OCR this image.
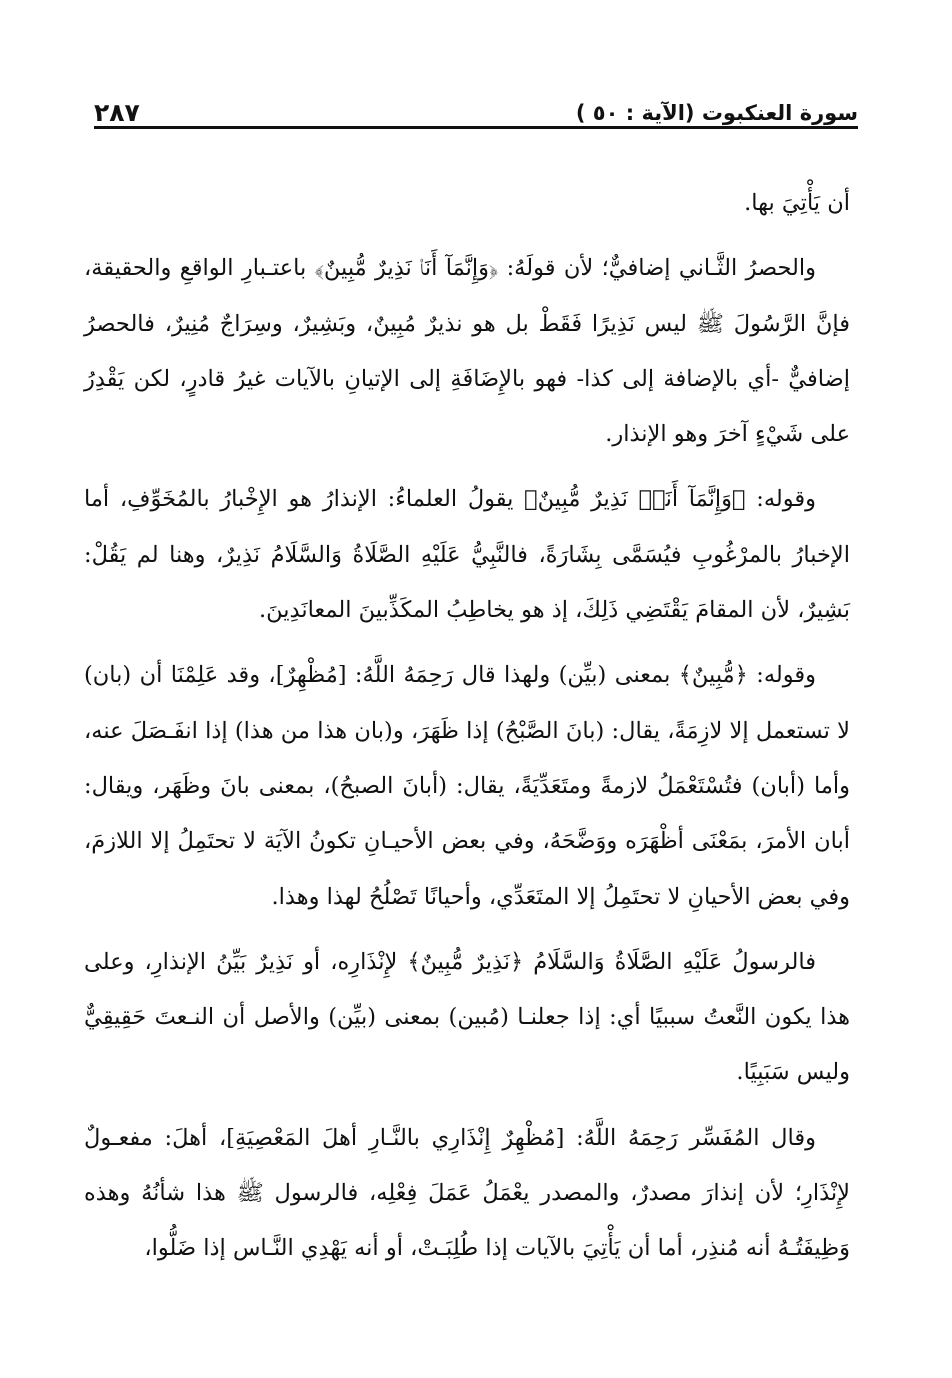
٢٨٧	سورة العنكبوت (الآية : ٥٠ )

أن يَأْتِيَ بها.

والحصرُ الثَّـاني إضافيٌّ؛ لأن قولَهُ: ﴿وَإِنَّمَآ أَنَا۠ نَذِيرٌ مُّبِينٌ﴾ باعتـبارِ الواقعِ والحقيقة، فإنَّ الرَّسُولَ ﷺ ليس نَذِيرًا فَقَطْ بل هو نذيرٌ مُبِينٌ، وبَشِيرٌ، وسِرَاجٌ مُنِيرٌ، فالحصرُ إضافيٌّ -أي بالإضافة إلى كذا- فهو بالإِضَافَةِ إلى الإتيانِ بالآيات غيرُ قادرٍ، لكن يَقْدِرُ على شَيْءٍ آخرَ وهو الإنذار.

وقوله: ﴿وَإِنَّمَآ أَنَا۠ نَذِيرٌ مُّبِينٌ﴾ يقولُ العلماءُ: الإنذارُ هو الإِخْبارُ بالمُخَوِّفِ، أما الإخبارُ بالمرْغُوبِ فيُسَمَّى بِشَارَةً، فالنَّبِيُّ عَلَيْهِ الصَّلَاةُ وَالسَّلَامُ نَذِيرٌ، وهنا لم يَقُلْ: بَشِيرٌ، لأن المقامَ يَقْتَضِي ذَلِكَ، إذ هو يخاطِبُ المكَذِّبينَ المعانَدِينَ.

وقوله: ﴿مُّبِينٌ﴾ بمعنى (بيِّن) ولهذا قال رَحِمَهُ اللَّهُ: [مُظْهِرٌ]، وقد عَلِمْنَا أن (بان) لا تستعمل إلا لازِمَةً، يقال: (بانَ الصَّبْحُ) إذا ظَهَرَ، و(بان هذا من هذا) إذا انفَـصَلَ عنه، وأما (أبان) فتُسْتَعْمَلُ لازمةً ومتَعَدِّيَةً، يقال: (أبانَ الصبحُ)، بمعنى بانَ وظَهَر، ويقال: أبان الأمرَ، بمَعْنَى أظْهَرَه ووَضَّحَهُ، وفي بعض الأحيـانِ تكونُ الآيَة لا تحتَمِلُ إلا اللازمَ، وفي بعض الأحيانِ لا تحتَمِلُ إلا المتَعَدِّي، وأحيانًا تَصْلُحُ لهذا وهذا.

فالرسولُ عَلَيْهِ الصَّلَاةُ وَالسَّلَامُ ﴿نَذِيرٌ مُّبِينٌ﴾ لإِنْذَارِه، أو نَذِيرٌ بَيِّنُ الإنذارِ، وعلى هذا يكون النَّعتُ سببيًا أي: إذا جعلنـا (مُبين) بمعنى (بيِّن) والأصل أن النـعتَ حَقِيقِيٌّ وليس سَبَبِيًا.

وقال المُفَسِّر رَحِمَهُ اللَّهُ: [مُظْهِرٌ إِنْذَارِي بالنَّـارِ أهلَ المَعْصِيَةِ]، أهلَ: مفعـولٌ لإِنْذَارِ؛ لأن إنذارَ مصدرٌ، والمصدر يعْمَلُ عَمَلَ فِعْلِه، فالرسول ﷺ هذا شأنُهُ وهذه وَظِيفَتُـهُ أنه مُنذِر، أما أن يَأْتِيَ بالآيات إذا طُلِبَـتْ، أو أنه يَهْدِي النَّـاس إذا ضَلُّوا،
